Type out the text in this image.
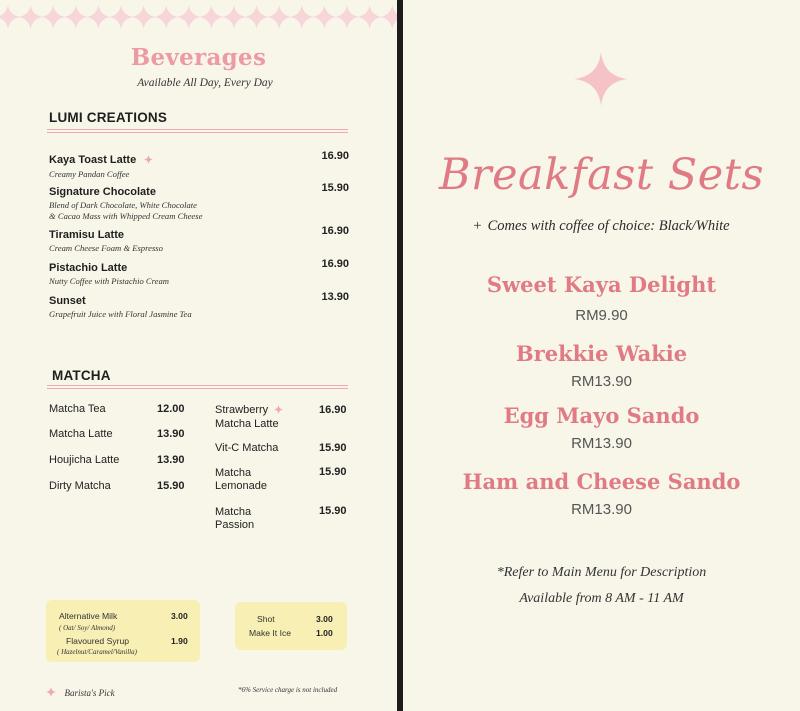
Beverages
Available All Day, Every Day
LUMI CREATIONS
Kaya Toast Latte	16.90
Creamy Pandan Coffee
Signature Chocolate	15.90
Blend of Dark Chocolate, White Chocolate
& Cacao Mass with Whipped Cream Cheese
Tiramisu Latte	16.90
Cream Cheese Foam & Espresso
Pistachio Latte	16.90
Nutty Coffee with Pistachio Cream
Sunset	13.90
Grapefruit Juice with Floral Jasmine Tea
MATCHA
Matcha Tea	12.00
Matcha Latte	13.90
Houjicha Latte	13.90
Dirty Matcha	15.90
Strawberry
Matcha Latte
16.90
Vit-C Matcha	15.90
Matcha
Lemonade
15.90
Matcha
Passion
15.90
Alternative Milk	3.00
( Oat/ Soy/ Almond)
Flavoured Syrup	1.90
( Hazelnut/Caramel/Vanilla)
Shot	3.00
Make It Ice	1.00
Barista's Pick	*6% Service charge is not included
Breakfast Sets
+ Comes with coffee of choice: Black/White
Sweet Kaya Delight
RM9.90
Brekkie Wakie
RM13.90
Egg Mayo Sando
RM13.90
Ham and Cheese Sando
RM13.90
*Refer to Main Menu for Description
Available from 8 AM - 11 AM
